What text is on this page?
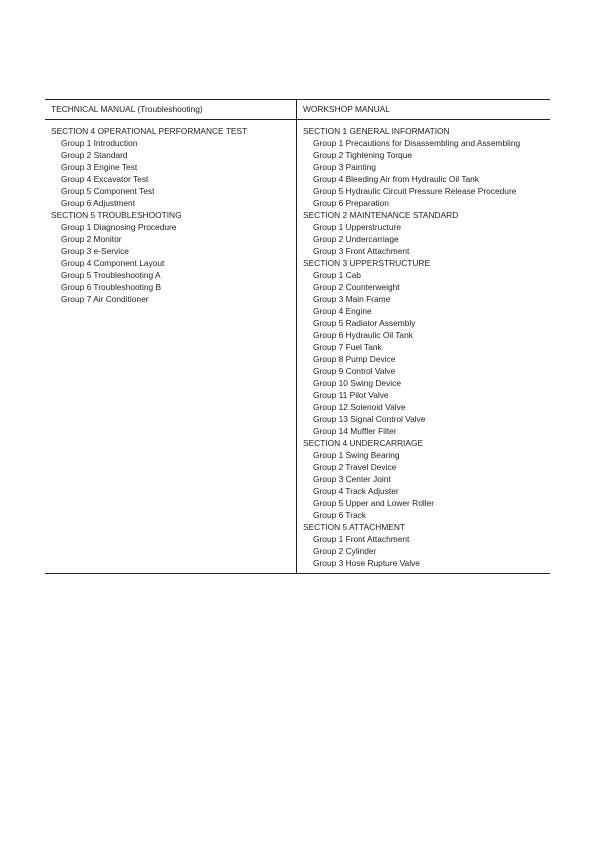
TECHNICAL MANUAL (Troubleshooting)	WORKSHOP MANUAL
SECTION 4 OPERATIONAL PERFORMANCE TEST
Group 1 Introduction
Group 2 Standard
Group 3 Engine Test
Group 4 Excavator Test
Group 5 Component Test
Group 6 Adjustment
SECTION 5 TROUBLESHOOTING
Group 1 Diagnosing Procedure
Group 2 Monitor
Group 3 e-Service
Group 4 Component Layout
Group 5 Troubleshooting A
Group 6 Troubleshooting B
Group 7 Air Conditioner
SECTION 1 GENERAL INFORMATION
Group 1 Precautions for Disassembling and Assembling
Group 2 Tightening Torque
Group 3 Painting
Group 4 Bleeding Air from Hydraulic Oil Tank
Group 5 Hydraulic Circuit Pressure Release Procedure
Group 6 Preparation
SECTION 2 MAINTENANCE STANDARD
Group 1 Upperstructure
Group 2 Undercarriage
Group 3 Front Attachment
SECTION 3 UPPERSTRUCTURE
Group 1 Cab
Group 2 Counterweight
Group 3 Main Frame
Group 4 Engine
Group 5 Radiator Assembly
Group 6 Hydraulic Oil Tank
Group 7 Fuel Tank
Group 8 Pump Device
Group 9 Control Valve
Group 10 Swing Device
Group 11 Pilot Valve
Group 12 Solenoid Valve
Group 13 Signal Control Valve
Group 14 Muffler Filter
SECTION 4 UNDERCARRIAGE
Group 1 Swing Bearing
Group 2 Travel Device
Group 3 Center Joint
Group 4 Track Adjuster
Group 5 Upper and Lower Roller
Group 6 Track
SECTION 5 ATTACHMENT
Group 1 Front Attachment
Group 2 Cylinder
Group 3 Hose Rupture Valve
